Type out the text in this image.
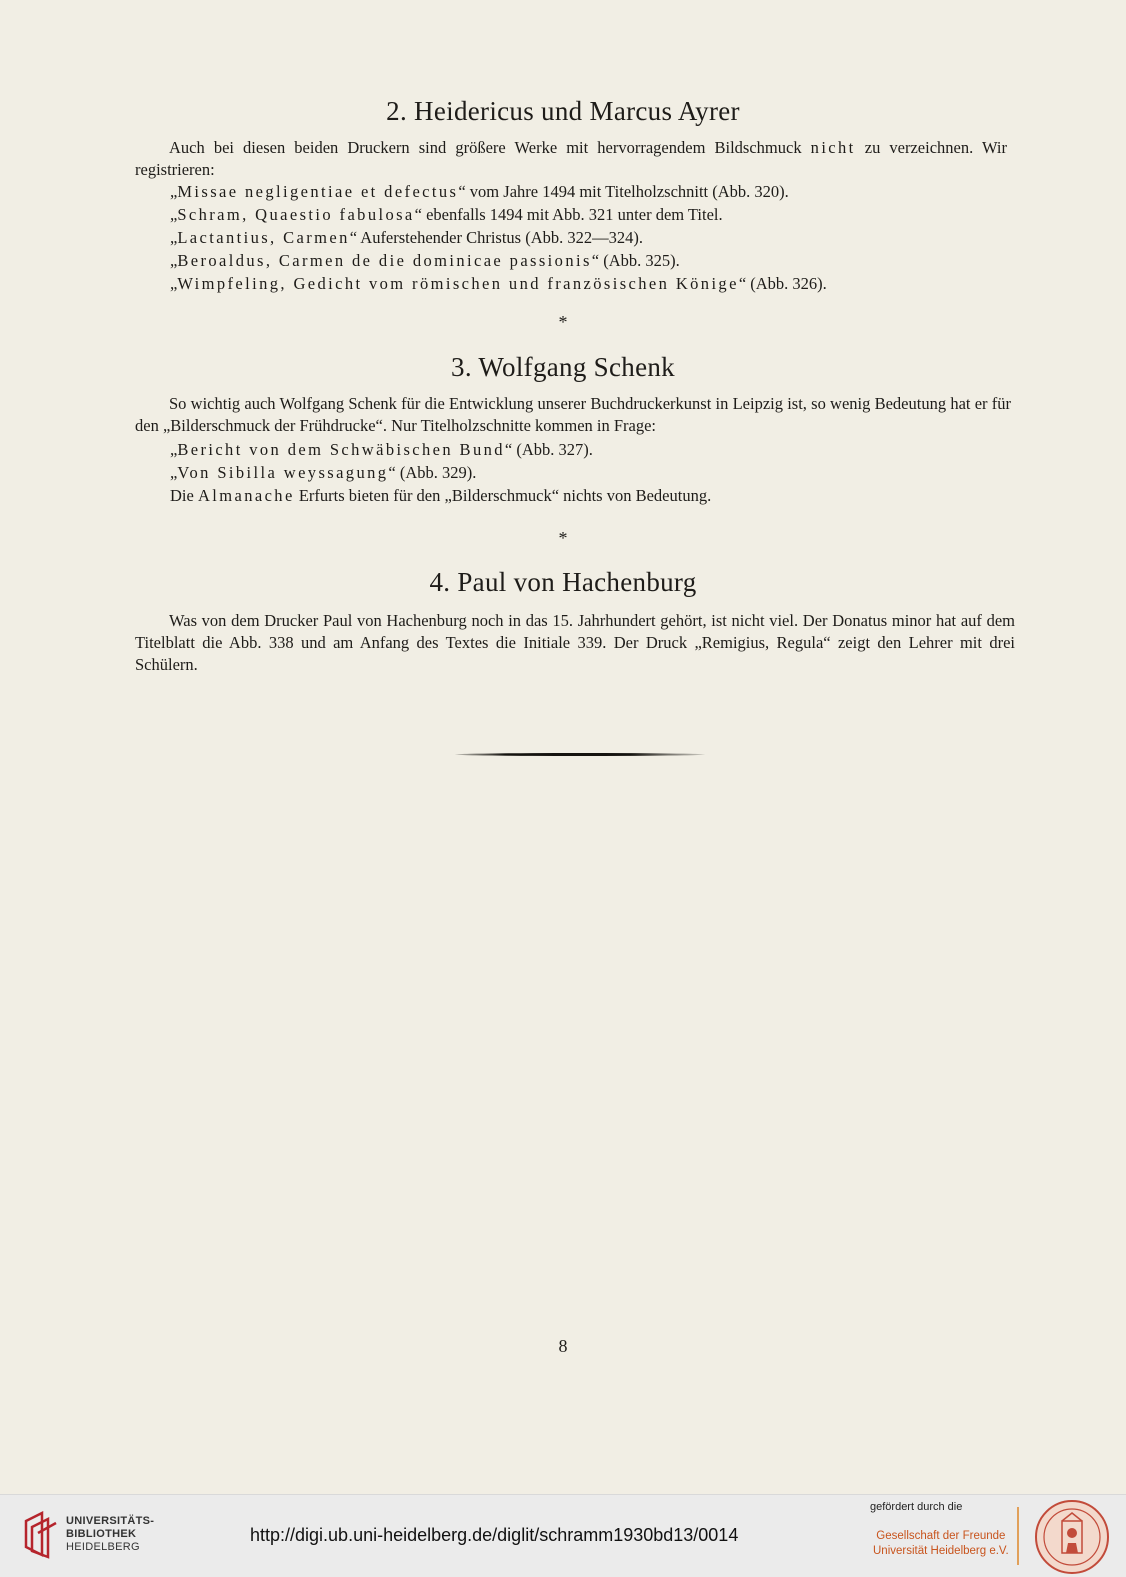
2. Heidericus und Marcus Ayrer

Auch bei diesen beiden Druckern sind größere Werke mit hervorragendem Bildschmuck nicht zu verzeichnen. Wir registrieren:

„Missae negligentiae et defectus“ vom Jahre 1494 mit Titelholzschnitt (Abb. 320).
„Schram, Quaestio fabulosa“ ebenfalls 1494 mit Abb. 321 unter dem Titel.
„Lactantius, Carmen“ Auferstehender Christus (Abb. 322—324).
„Beroaldus, Carmen de die dominicae passionis“ (Abb. 325).
„Wimpfeling, Gedicht vom römischen und französischen Könige“ (Abb. 326).
*
3. Wolfgang Schenk

So wichtig auch Wolfgang Schenk für die Entwicklung unserer Buchdruckerkunst in Leipzig ist, so wenig Bedeutung hat er für den „Bilderschmuck der Frühdrucke“. Nur Titelholzschnitte kommen in Frage:

„Bericht von dem Schwäbischen Bund“ (Abb. 327).
„Von Sibilla weyssagung“ (Abb. 329).
Die Almanache Erfurts bieten für den „Bilderschmuck“ nichts von Bedeutung.
*
4. Paul von Hachenburg

Was von dem Drucker Paul von Hachenburg noch in das 15. Jahrhundert gehört, ist nicht viel. Der Donatus minor hat auf dem Titelblatt die Abb. 338 und am Anfang des Textes die Initiale 339. Der Druck „Remigius, Regula“ zeigt den Lehrer mit drei Schülern.

8
UNIVERSITÄTS-
BIBLIOTHEK
HEIDELBERG
http://digi.ub.uni-heidelberg.de/diglit/schramm1930bd13/0014
gefördert durch die
Gesellschaft der Freunde
Universität Heidelberg e.V.
